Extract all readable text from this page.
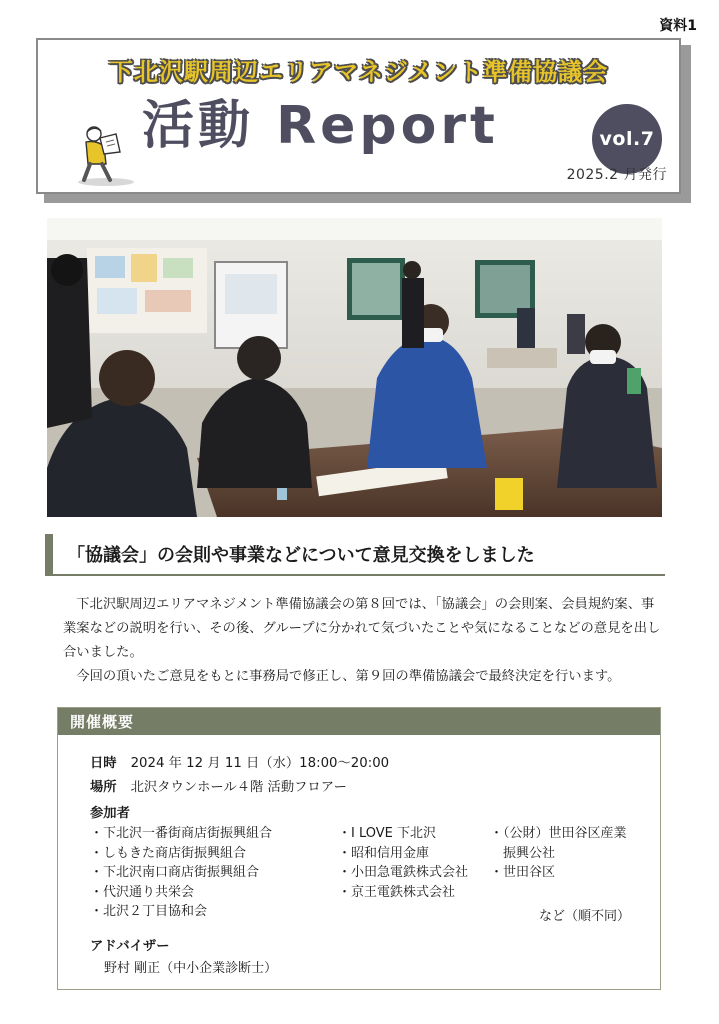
資料1
下北沢駅周辺エリアマネジメント準備協議会
活動 Report	vol.7
2025.2 月発行
「協議会」の会則や事業などについて意見交換をしました

下北沢駅周辺エリアマネジメント準備協議会の第８回では、「協議会」の会則案、会員規約案、事業案などの説明を行い、その後、グループに分かれて気づいたことや気になることなどの意見を出し合いました。

今回の頂いたご意見をもとに事務局で修正し、第９回の準備協議会で最終決定を行います。

開催概要
日時 2024 年 12 月 11 日（水）18:00〜20:00
場所 北沢タウンホール４階 活動フロアー
参加者
・下北沢一番街商店街振興組合
・しもきた商店街振興組合
・下北沢南口商店街振興組合
・代沢通り共栄会
・北沢２丁目協和会
・I LOVE 下北沢
・昭和信用金庫
・小田急電鉄株式会社
・京王電鉄株式会社
・（公財）世田谷区産業
　振興公社
・世田谷区
など（順不同）
アドバイザー
野村 剛正（中小企業診断士）
